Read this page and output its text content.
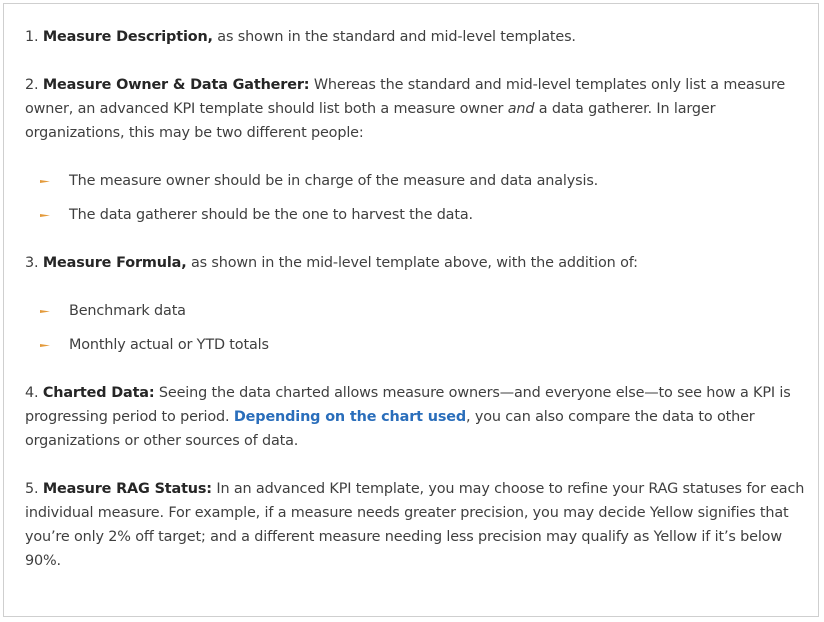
1. Measure Description, as shown in the standard and mid-level templates.

2. Measure Owner & Data Gatherer: Whereas the standard and mid-level templates only list a measure owner, an advanced KPI template should list both a measure owner and a data gatherer. In larger organizations, this may be two different people:

The measure owner should be in charge of the measure and data analysis.
The data gatherer should be the one to harvest the data.

3. Measure Formula, as shown in the mid-level template above, with the addition of:

Benchmark data
Monthly actual or YTD totals

4. Charted Data: Seeing the data charted allows measure owners—and everyone else—to see how a KPI is progressing period to period. Depending on the chart used, you can also compare the data to other organizations or other sources of data.

5. Measure RAG Status: In an advanced KPI template, you may choose to refine your RAG statuses for each individual measure. For example, if a measure needs greater precision, you may decide Yellow signifies that you’re only 2% off target; and a different measure needing less precision may qualify as Yellow if it’s below 90%.
